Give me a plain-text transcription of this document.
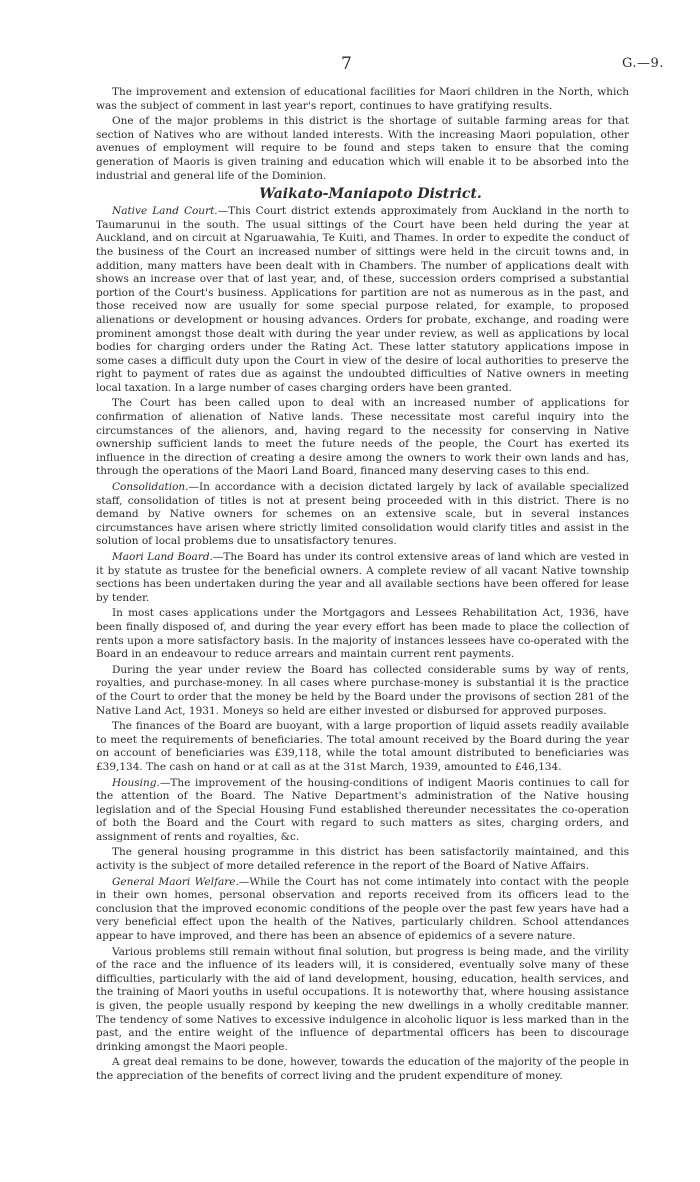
7	G.—9.

The improvement and extension of educational facilities for Maori children in the North, which was the subject of comment in last year's report, continues to have gratifying results.

One of the major problems in this district is the shortage of suitable farming areas for that section of Natives who are without landed interests. With the increasing Maori population, other avenues of employment will require to be found and steps taken to ensure that the coming generation of Maoris is given training and education which will enable it to be absorbed into the industrial and general life of the Dominion.

Waikato-Maniapoto District.

Native Land Court.—This Court district extends approximately from Auckland in the north to Taumarunui in the south. The usual sittings of the Court have been held during the year at Auckland, and on circuit at Ngaruawahia, Te Kuiti, and Thames. In order to expedite the conduct of the business of the Court an increased number of sittings were held in the circuit towns and, in addition, many matters have been dealt with in Chambers. The number of applications dealt with shows an increase over that of last year, and, of these, succession orders comprised a substantial portion of the Court's business. Applications for partition are not as numerous as in the past, and those received now are usually for some special purpose related, for example, to proposed alienations or development or housing advances. Orders for probate, exchange, and roading were prominent amongst those dealt with during the year under review, as well as applications by local bodies for charging orders under the Rating Act. These latter statutory applications impose in some cases a difficult duty upon the Court in view of the desire of local authorities to preserve the right to payment of rates due as against the undoubted difficulties of Native owners in meeting local taxation. In a large number of cases charging orders have been granted.

The Court has been called upon to deal with an increased number of applications for confirmation of alienation of Native lands. These necessitate most careful inquiry into the circumstances of the alienors, and, having regard to the necessity for conserving in Native ownership sufficient lands to meet the future needs of the people, the Court has exerted its influence in the direction of creating a desire among the owners to work their own lands and has, through the operations of the Maori Land Board, financed many deserving cases to this end.

Consolidation.—In accordance with a decision dictated largely by lack of available specialized staff, consolidation of titles is not at present being proceeded with in this district. There is no demand by Native owners for schemes on an extensive scale, but in several instances circumstances have arisen where strictly limited consolidation would clarify titles and assist in the solution of local problems due to unsatisfactory tenures.

Maori Land Board.—The Board has under its control extensive areas of land which are vested in it by statute as trustee for the beneficial owners. A complete review of all vacant Native township sections has been undertaken during the year and all available sections have been offered for lease by tender.

In most cases applications under the Mortgagors and Lessees Rehabilitation Act, 1936, have been finally disposed of, and during the year every effort has been made to place the collection of rents upon a more satisfactory basis. In the majority of instances lessees have co-operated with the Board in an endeavour to reduce arrears and maintain current rent payments.

During the year under review the Board has collected considerable sums by way of rents, royalties, and purchase-money. In all cases where purchase-money is substantial it is the practice of the Court to order that the money be held by the Board under the provisons of section 281 of the Native Land Act, 1931. Moneys so held are either invested or disbursed for approved purposes.

The finances of the Board are buoyant, with a large proportion of liquid assets readily available to meet the requirements of beneficiaries. The total amount received by the Board during the year on account of beneficiaries was £39,118, while the total amount distributed to beneficiaries was £39,134. The cash on hand or at call as at the 31st March, 1939, amounted to £46,134.

Housing.—The improvement of the housing-conditions of indigent Maoris continues to call for the attention of the Board. The Native Department's administration of the Native housing legislation and of the Special Housing Fund established thereunder necessitates the co-operation of both the Board and the Court with regard to such matters as sites, charging orders, and assignment of rents and royalties, &c.

The general housing programme in this district has been satisfactorily maintained, and this activity is the subject of more detailed reference in the report of the Board of Native Affairs.

General Maori Welfare.—While the Court has not come intimately into contact with the people in their own homes, personal observation and reports received from its officers lead to the conclusion that the improved economic conditions of the people over the past few years have had a very beneficial effect upon the health of the Natives, particularly children. School attendances appear to have improved, and there has been an absence of epidemics of a severe nature.

Various problems still remain without final solution, but progress is being made, and the virility of the race and the influence of its leaders will, it is considered, eventually solve many of these difficulties, particularly with the aid of land development, housing, education, health services, and the training of Maori youths in useful occupations. It is noteworthy that, where housing assistance is given, the people usually respond by keeping the new dwellings in a wholly creditable manner. The tendency of some Natives to excessive indulgence in alcoholic liquor is less marked than in the past, and the entire weight of the influence of departmental officers has been to discourage drinking amongst the Maori people.

A great deal remains to be done, however, towards the education of the majority of the people in the appreciation of the benefits of correct living and the prudent expenditure of money.
